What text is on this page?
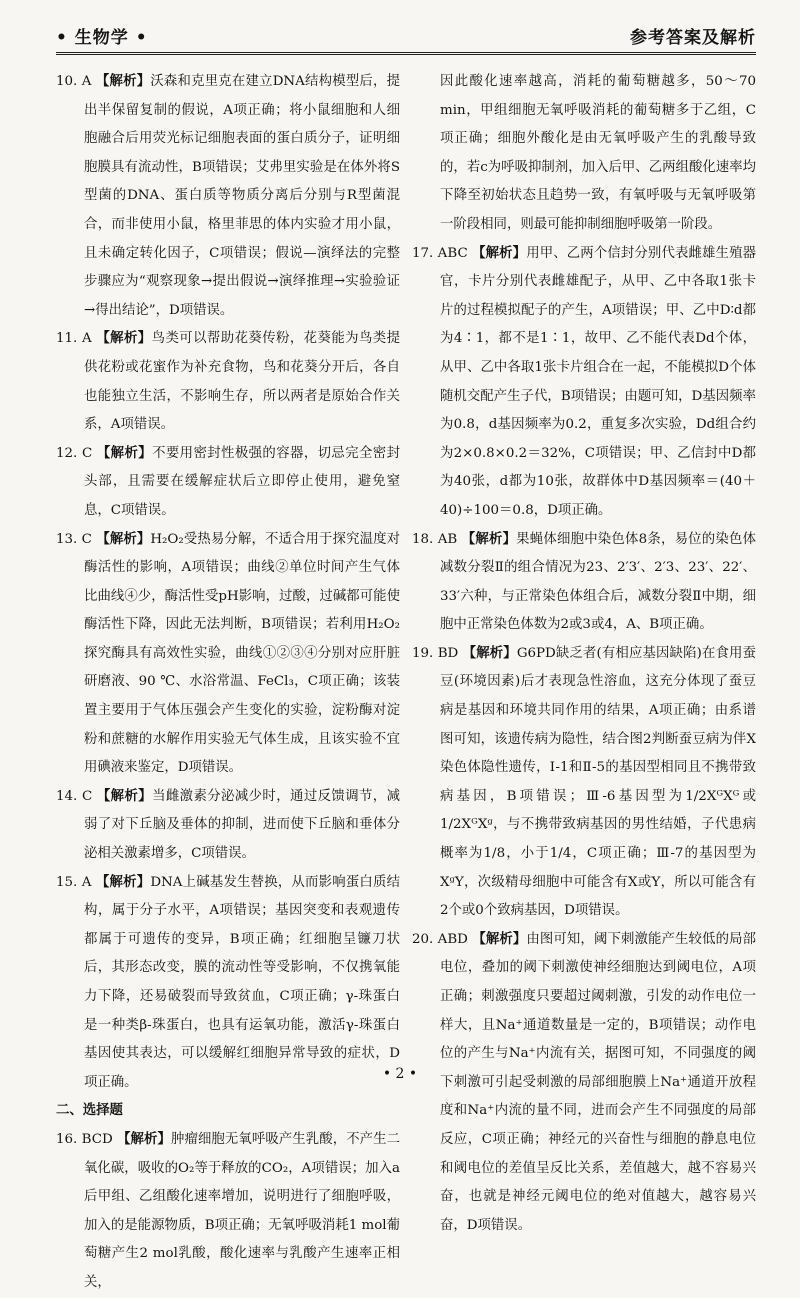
• 生物学 •	参考答案及解析
10. A 【解析】沃森和克里克在建立DNA结构模型后，提出半保留复制的假说，A项正确；将小鼠细胞和人细胞融合后用荧光标记细胞表面的蛋白质分子，证明细胞膜具有流动性，B项错误；艾弗里实验是在体外将S型菌的DNA、蛋白质等物质分离后分别与R型菌混合，而非使用小鼠，格里菲思的体内实验才用小鼠，且未确定转化因子，C项错误；假说—演绎法的完整步骤应为“观察现象→提出假说→演绎推理→实验验证→得出结论”，D项错误。
11. A 【解析】鸟类可以帮助花葵传粉，花葵能为鸟类提供花粉或花蜜作为补充食物，鸟和花葵分开后，各自也能独立生活，不影响生存，所以两者是原始合作关系，A项错误。
12. C 【解析】不要用密封性极强的容器，切忌完全密封头部，且需要在缓解症状后立即停止使用，避免窒息，C项错误。
13. C 【解析】H₂O₂受热易分解，不适合用于探究温度对酶活性的影响，A项错误；曲线②单位时间产生气体比曲线④少，酶活性受pH影响，过酸，过碱都可能使酶活性下降，因此无法判断，B项错误；若利用H₂O₂探究酶具有高效性实验，曲线①②③④分别对应肝脏研磨液、90 ℃、水浴常温、FeCl₃，C项正确；该装置主要用于气体压强会产生变化的实验，淀粉酶对淀粉和蔗糖的水解作用实验无气体生成，且该实验不宜用碘液来鉴定，D项错误。
14. C 【解析】当雌激素分泌减少时，通过反馈调节，减弱了对下丘脑及垂体的抑制，进而使下丘脑和垂体分泌相关激素增多，C项错误。
15. A 【解析】DNA上碱基发生替换，从而影响蛋白质结构，属于分子水平，A项错误；基因突变和表观遗传都属于可遗传的变异，B项正确；红细胞呈镰刀状后，其形态改变，膜的流动性等受影响，不仅携氧能力下降，还易破裂而导致贫血，C项正确；γ-珠蛋白是一种类β-珠蛋白，也具有运氧功能，激活γ-珠蛋白基因使其表达，可以缓解红细胞异常导致的症状，D项正确。
二、选择题
16. BCD 【解析】肿瘤细胞无氧呼吸产生乳酸，不产生二氧化碳，吸收的O₂等于释放的CO₂，A项错误；加入a后甲组、乙组酸化速率增加，说明进行了细胞呼吸，加入的是能源物质，B项正确；无氧呼吸消耗1 mol葡萄糖产生2 mol乳酸，酸化速率与乳酸产生速率正相关，
因此酸化速率越高，消耗的葡萄糖越多，50～70 min，甲组细胞无氧呼吸消耗的葡萄糖多于乙组，C项正确；细胞外酸化是由无氧呼吸产生的乳酸导致的，若c为呼吸抑制剂，加入后甲、乙两组酸化速率均下降至初始状态且趋势一致，有氧呼吸与无氧呼吸第一阶段相同，则最可能抑制细胞呼吸第一阶段。
17. ABC 【解析】用甲、乙两个信封分别代表雌雄生殖器官，卡片分别代表雌雄配子，从甲、乙中各取1张卡片的过程模拟配子的产生，A项错误；甲、乙中D∶d都为4∶1，都不是1∶1，故甲、乙不能代表Dd个体，从甲、乙中各取1张卡片组合在一起，不能模拟D个体随机交配产生子代，B项错误；由题可知，D基因频率为0.8，d基因频率为0.2，重复多次实验，Dd组合约为2×0.8×0.2＝32%，C项错误；甲、乙信封中D都为40张，d都为10张，故群体中D基因频率＝(40＋40)÷100＝0.8，D项正确。
18. AB 【解析】果蝇体细胞中染色体8条，易位的染色体减数分裂Ⅱ的组合情况为23、2′3′、2′3、23′、22′、33′六种，与正常染色体组合后，减数分裂Ⅱ中期，细胞中正常染色体数为2或3或4，A、B项正确。
19. BD 【解析】G6PD缺乏者(有相应基因缺陷)在食用蚕豆(环境因素)后才表现急性溶血，这充分体现了蚕豆病是基因和环境共同作用的结果，A项正确；由系谱图可知，该遗传病为隐性，结合图2判断蚕豆病为伴X染色体隐性遗传，Ⅰ-1和Ⅱ-5的基因型相同且不携带致病基因，B项错误；Ⅲ-6基因型为1/2XᴳXᴳ或1/2XᴳXᵍ，与不携带致病基因的男性结婚，子代患病概率为1/8，小于1/4，C项正确；Ⅲ-7的基因型为XᵍY，次级精母细胞中可能含有X或Y，所以可能含有2个或0个致病基因，D项错误。
20. ABD 【解析】由图可知，阈下刺激能产生较低的局部电位，叠加的阈下刺激使神经细胞达到阈电位，A项正确；刺激强度只要超过阈刺激，引发的动作电位一样大，且Na⁺通道数量是一定的，B项错误；动作电位的产生与Na⁺内流有关，据图可知，不同强度的阈下刺激可引起受刺激的局部细胞膜上Na⁺通道开放程度和Na⁺内流的量不同，进而会产生不同强度的局部反应，C项正确；神经元的兴奋性与细胞的静息电位和阈电位的差值呈反比关系，差值越大，越不容易兴奋，也就是神经元阈电位的绝对值越大，越容易兴奋，D项错误。
• 2 •
